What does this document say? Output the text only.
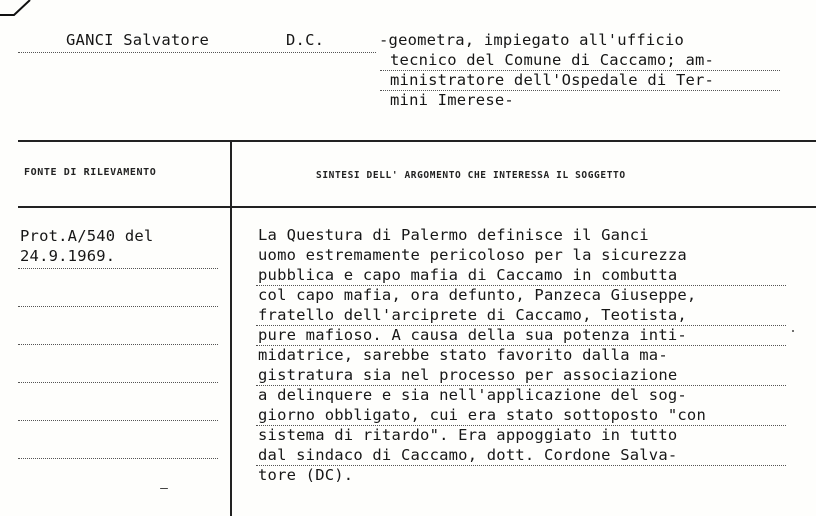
GANCI Salvatore	D.C.	-geometra, impiegato all'ufficio
tecnico del Comune di Caccamo; am-
ministratore dell'Ospedale di Ter-
mini Imerese-
FONTE DI RILEVAMENTO	SINTESI DELL' ARGOMENTO CHE INTERESSA IL SOGGETTO
Prot.A/540 del
24.9.1969.
La Questura di Palermo definisce il Ganci
uomo estremamente pericoloso per la sicurezza
pubblica e capo mafia di Caccamo in combutta
col capo mafia, ora defunto, Panzeca Giuseppe,
fratello dell'arciprete di Caccamo, Teotista,
pure mafioso. A causa della sua potenza inti-
midatrice, sarebbe stato favorito dalla ma-
gistratura sia nel processo per associazione
a delinquere e sia nell'applicazione del sog-
giorno obbligato, cui era stato sottoposto "con
sistema di ritardo". Era appoggiato in tutto
dal sindaco di Caccamo, dott. Cordone Salva-
tore (DC).
